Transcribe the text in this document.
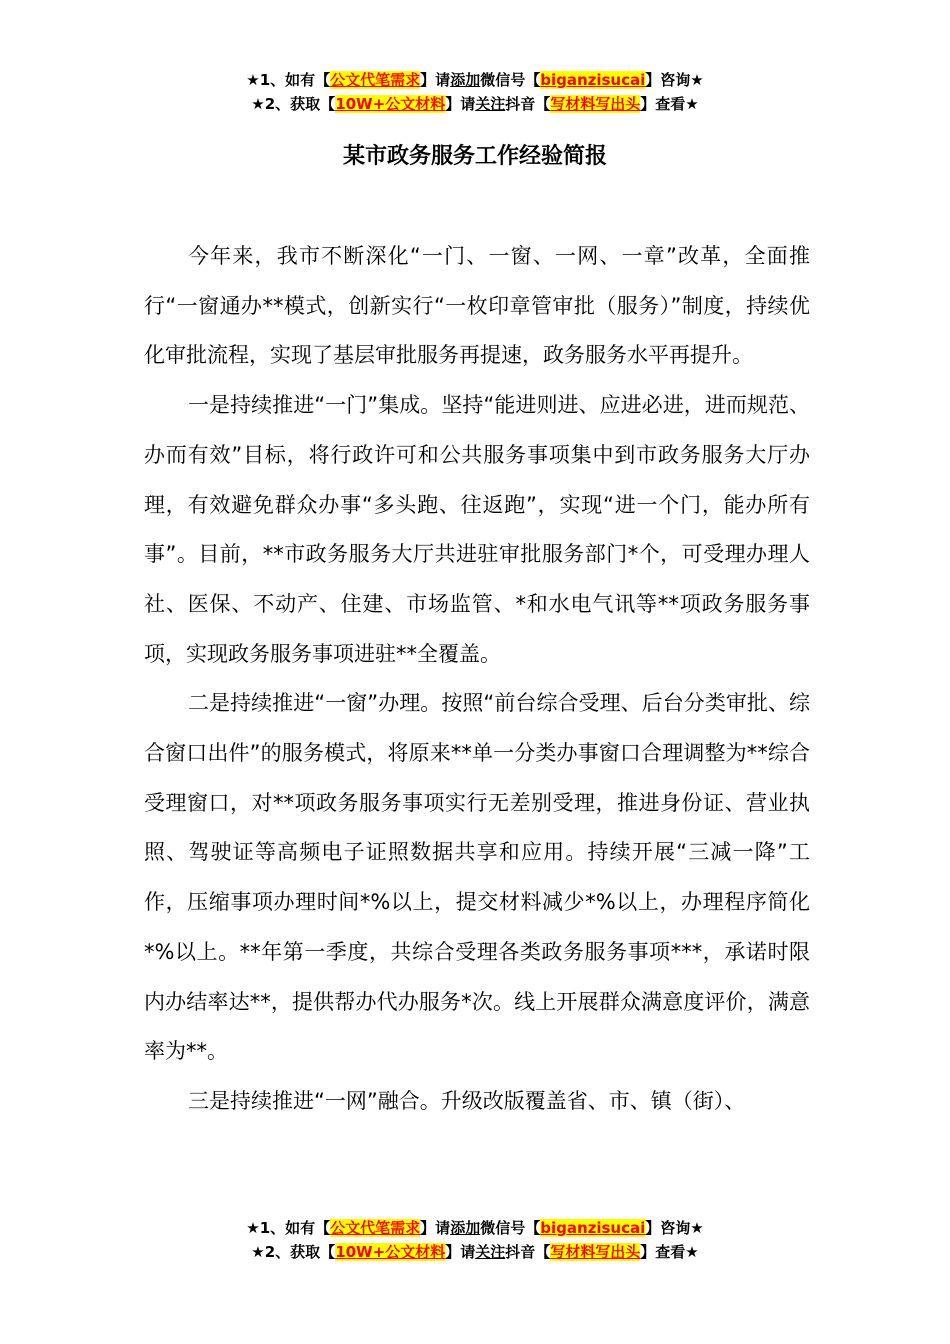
★1、如有【公文代笔需求】请添加微信号【biganzisucai】咨询★
★2、获取【10W+公文材料】请关注抖音【写材料写出头】查看★
某市政务服务工作经验简报

今年来，我市不断深化“一门、一窗、一网、一章”改革，全面推行“一窗通办**模式，创新实行“一枚印章管审批（服务）”制度，持续优化审批流程，实现了基层审批服务再提速，政务服务水平再提升。

一是持续推进“一门”集成。坚持“能进则进、应进必进，进而规范、办而有效”目标，将行政许可和公共服务事项集中到市政务服务大厅办理，有效避免群众办事“多头跑、往返跑”，实现“进一个门，能办所有事”。目前，**市政务服务大厅共进驻审批服务部门*个，可受理办理人社、医保、不动产、住建、市场监管、*和水电气讯等**项政务服务事项，实现政务服务事项进驻**全覆盖。

二是持续推进“一窗”办理。按照“前台综合受理、后台分类审批、综合窗口出件”的服务模式，将原来**单一分类办事窗口合理调整为**综合受理窗口，对**项政务服务事项实行无差别受理，推进身份证、营业执照、驾驶证等高频电子证照数据共享和应用。持续开展“三减一降”工作，压缩事项办理时间*%以上，提交材料减少*%以上，办理程序简化*%以上。**年第一季度，共综合受理各类政务服务事项***，承诺时限内办结率达**，提供帮办代办服务*次。线上开展群众满意度评价，满意率为**。

三是持续推进“一网”融合。升级改版覆盖省、市、镇（街）、

★1、如有【公文代笔需求】请添加微信号【biganzisucai】咨询★
★2、获取【10W+公文材料】请关注抖音【写材料写出头】查看★
